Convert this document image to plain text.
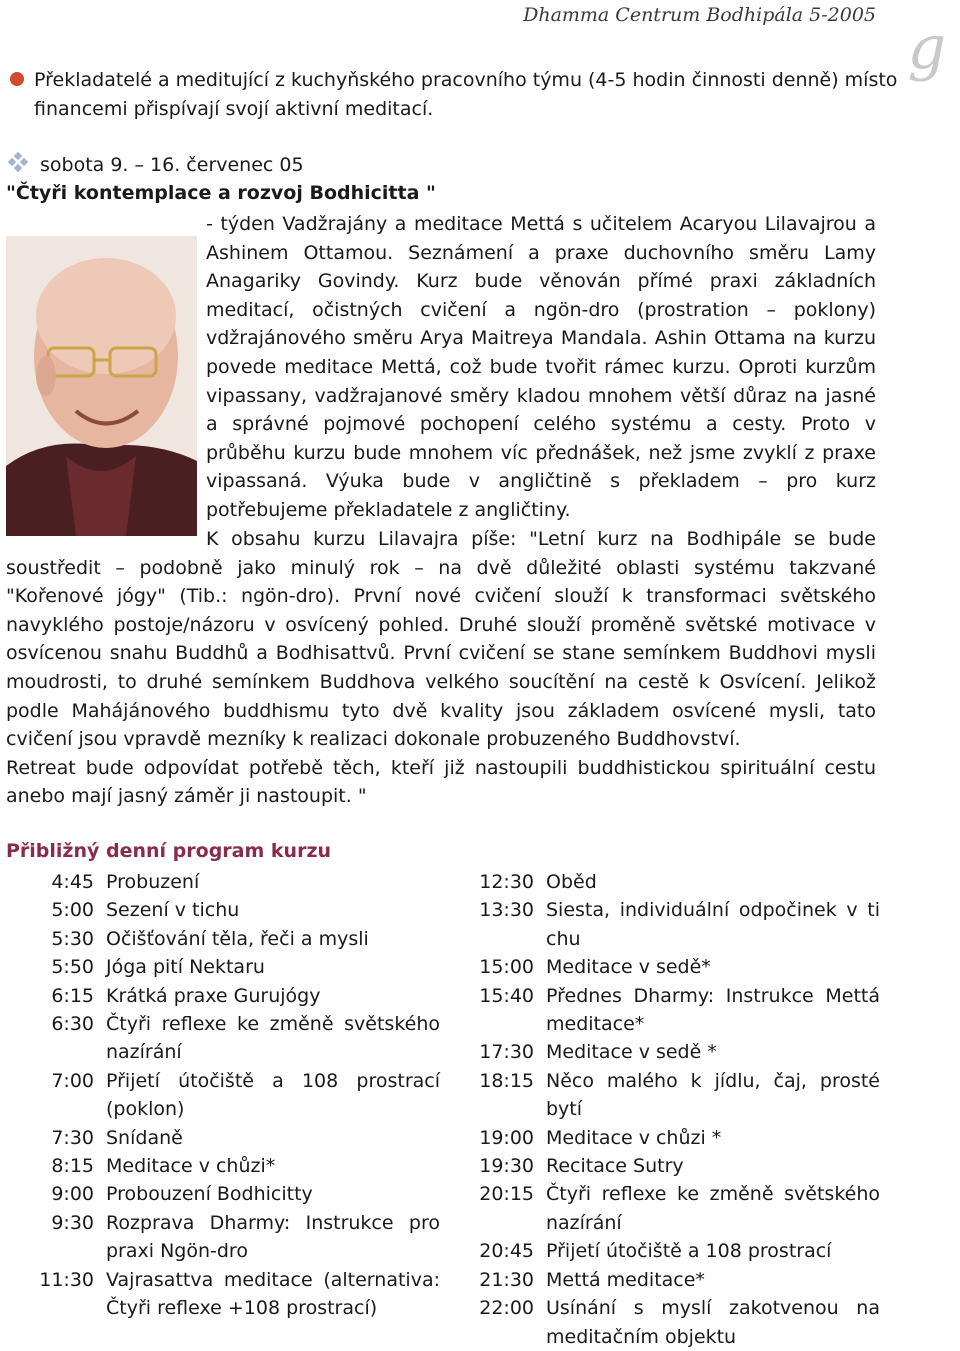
Dhamma Centrum Bodhipála 5-2005 g

Překladatelé a meditující z kuchyňského pracovního týmu (4-5 hodin činnosti denně) místo financemi přispívají svojí aktivní meditací.

sobota 9. – 16. červenec 05
"Čtyři kontemplace a rozvoj Bodhicitta "

- týden Vadžrajány a meditace Mettá s učitelem Acaryou Lilavajrou a Ashinem Ottamou. Seznámení a praxe duchovního směru Lamy Anagariky Govindy. Kurz bude věnován přímé praxi základních meditací, očistných cvičení a ngön-dro (prostration – poklony) vdžrajánového směru Arya Maitreya Mandala. Ashin Ottama na kurzu povede meditace Mettá, což bude tvořit rámec kurzu. Oproti kurzům vipassany, vadžrajanové směry kladou mnohem větší důraz na jasné a správné pojmové pochopení celého systému a cesty. Proto v průběhu kurzu bude mnohem víc přednášek, než jsme zvyklí z praxe vipassaná. Výuka bude v angličtině s překladem – pro kurz potřebujeme překladatele z angličtiny.

K obsahu kurzu Lilavajra píše: "Letní kurz na Bodhipále se bude soustředit – podobně jako minulý rok – na dvě důležité oblasti systému takzvané "Kořenové jógy" (Tib.: ngön-dro). První nové cvičení slouží k transformaci světského navyklého postoje/názoru v osvícený pohled. Druhé slouží proměně světské motivace v osvícenou snahu Buddhů a Bodhisattvů. První cvičení se stane semínkem Buddhovi mysli moudrosti, to druhé semínkem Buddhova velkého soucítění na cestě k Osvícení. Jelikož podle Mahájánového buddhismu tyto dvě kvality jsou základem osvícené mysli, tato cvičení jsou vpravdě mezníky k realizaci dokonale probuzeného Buddhovství.

Retreat bude odpovídat potřebě těch, kteří již nastoupili buddhistickou spirituální cestu anebo mají jasný záměr ji nastoupit. "

Přibližný denní program kurzu
4:45 Probuzení
5:00 Sezení v tichu
5:30 Očišťování těla, řeči a mysli
5:50 Jóga pití Nektaru
6:15 Krátká praxe Gurujógy
6:30 Čtyři reflexe ke změně světského nazírání
7:00 Přijetí útočiště a 108 prostrací (poklon)
7:30 Snídaně
8:15 Meditace v chůzi*
9:00 Probouzení Bodhicitty
9:30 Rozprava Dharmy: Instrukce pro praxi Ngön-dro
11:30 Vajrasattva meditace (alternativa: Čtyři reflexe +108 prostrací)
12:30 Oběd
13:30 Siesta, individuální odpočinek v ti chu
15:00 Meditace v sedě*
15:40 Přednes Dharmy: Instrukce Mettá meditace*
17:30 Meditace v sedě *
18:15 Něco malého k jídlu, čaj, prosté bytí
19:00 Meditace v chůzi *
19:30 Recitace Sutry
20:15 Čtyři reflexe ke změně světského nazírání
20:45 Přijetí útočiště a 108 prostrací
21:30 Mettá meditace*
22:00 Usínání s myslí zakotvenou na meditačním objektu
